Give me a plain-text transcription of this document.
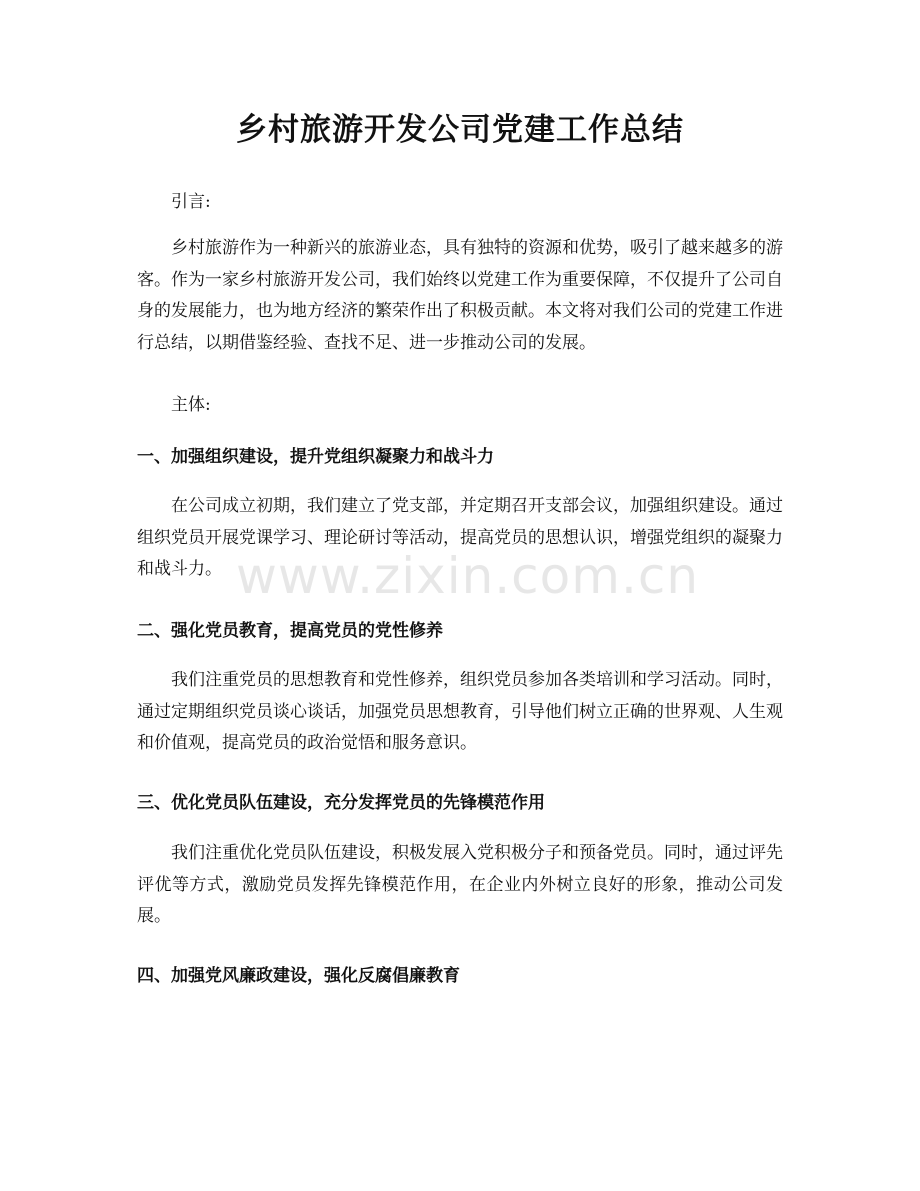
乡村旅游开发公司党建工作总结

引言:

乡村旅游作为一种新兴的旅游业态，具有独特的资源和优势，吸引了越来越多的游客。作为一家乡村旅游开发公司，我们始终以党建工作为重要保障，不仅提升了公司自身的发展能力，也为地方经济的繁荣作出了积极贡献。本文将对我们公司的党建工作进行总结，以期借鉴经验、查找不足、进一步推动公司的发展。

主体:

一、加强组织建设，提升党组织凝聚力和战斗力

在公司成立初期，我们建立了党支部，并定期召开支部会议，加强组织建设。通过组织党员开展党课学习、理论研讨等活动，提高党员的思想认识，增强党组织的凝聚力和战斗力。

二、强化党员教育，提高党员的党性修养

我们注重党员的思想教育和党性修养，组织党员参加各类培训和学习活动。同时，通过定期组织党员谈心谈话，加强党员思想教育，引导他们树立正确的世界观、人生观和价值观，提高党员的政治觉悟和服务意识。

三、优化党员队伍建设，充分发挥党员的先锋模范作用

我们注重优化党员队伍建设，积极发展入党积极分子和预备党员。同时，通过评先评优等方式，激励党员发挥先锋模范作用，在企业内外树立良好的形象，推动公司发展。

四、加强党风廉政建设，强化反腐倡廉教育
www.zixin.com.cn
